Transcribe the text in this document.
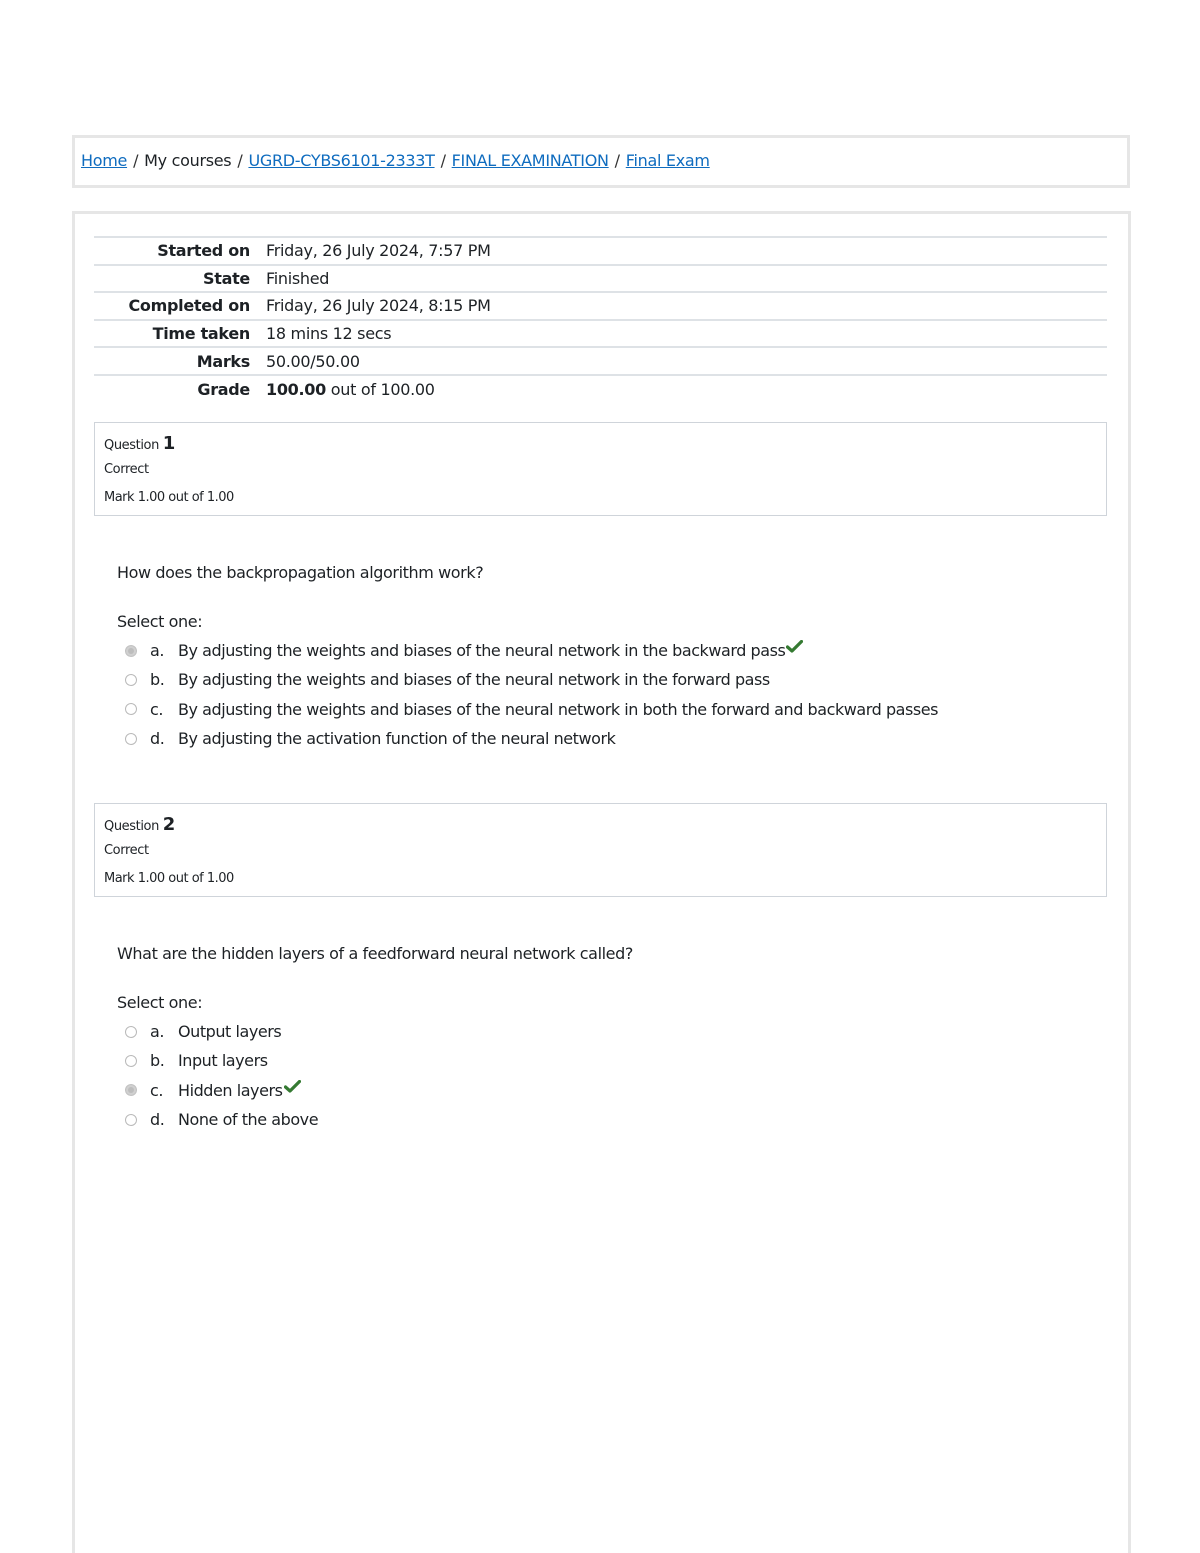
Home / My courses / UGRD-CYBS6101-2333T / FINAL EXAMINATION / Final Exam
Started on	Friday, 26 July 2024, 7:57 PM
State	Finished
Completed on	Friday, 26 July 2024, 8:15 PM
Time taken	18 mins 12 secs
Marks	50.00/50.00
Grade	100.00 out of 100.00
Question 1
Correct
Mark 1.00 out of 1.00
How does the backpropagation algorithm work?
Select one:
a. By adjusting the weights and biases of the neural network in the backward pass
b. By adjusting the weights and biases of the neural network in the forward pass
c. By adjusting the weights and biases of the neural network in both the forward and backward passes
d. By adjusting the activation function of the neural network
Question 2
Correct
Mark 1.00 out of 1.00
What are the hidden layers of a feedforward neural network called?
Select one:
a. Output layers
b. Input layers
c. Hidden layers
d. None of the above
